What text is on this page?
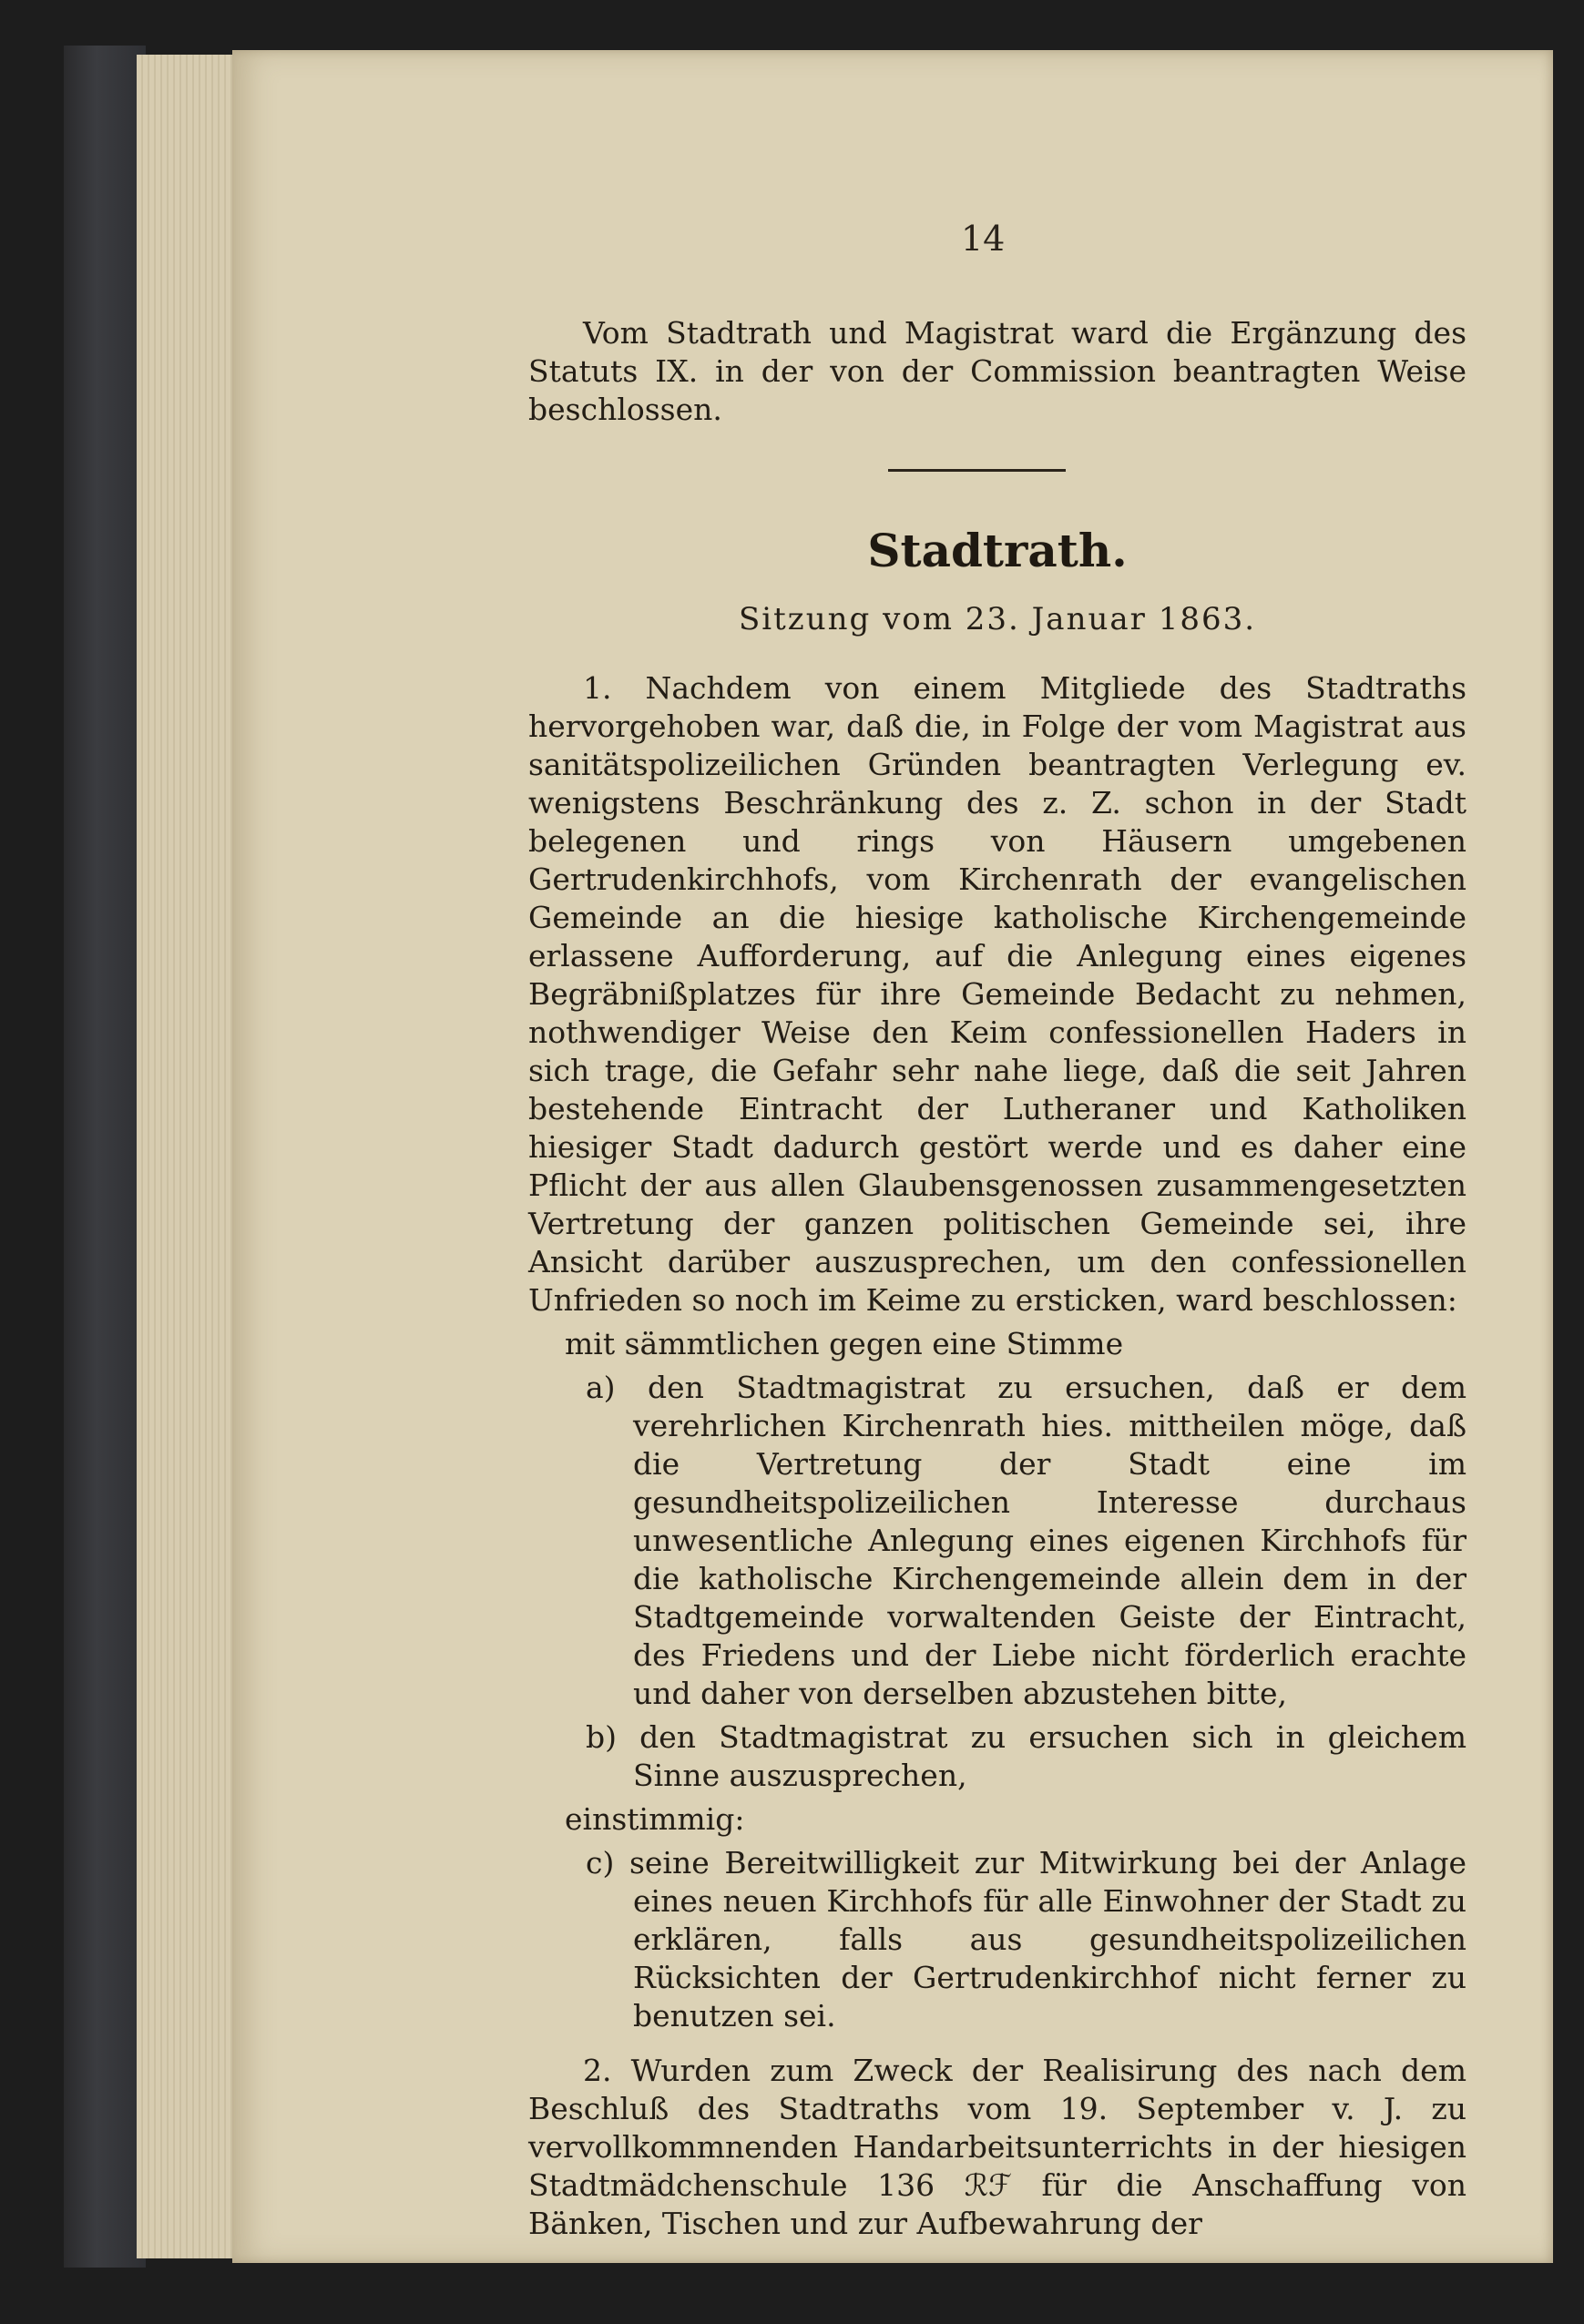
14
Vom Stadtrath und Magistrat ward die Ergänzung des Statuts IX. in der von der Commission beantragten Weise beschlossen.
Stadtrath.
Sitzung vom 23. Januar 1863.

1. Nachdem von einem Mitgliede des Stadtraths hervorgehoben war, daß die, in Folge der vom Magistrat aus sanitätspolizeilichen Gründen beantragten Verlegung ev. wenigstens Beschränkung des z. Z. schon in der Stadt belegenen und rings von Häusern umgebenen Gertrudenkirchhofs, vom Kirchenrath der evangelischen Gemeinde an die hiesige katholische Kirchengemeinde erlassene Aufforderung, auf die Anlegung eines eigenes Begräbnißplatzes für ihre Gemeinde Bedacht zu nehmen, nothwendiger Weise den Keim confessionellen Haders in sich trage, die Gefahr sehr nahe liege, daß die seit Jahren bestehende Eintracht der Lutheraner und Katholiken hiesiger Stadt dadurch gestört werde und es daher eine Pflicht der aus allen Glaubensgenossen zusammengesetzten Vertretung der ganzen politischen Gemeinde sei, ihre Ansicht darüber auszusprechen, um den confessionellen Unfrieden so noch im Keime zu ersticken, ward beschlossen:

mit sämmtlichen gegen eine Stimme

a) den Stadtmagistrat zu ersuchen, daß er dem verehrlichen Kirchenrath hies. mittheilen möge, daß die Vertretung der Stadt eine im gesundheitspolizeilichen Interesse durchaus unwesentliche Anlegung eines eigenen Kirchhofs für die katholische Kirchengemeinde allein dem in der Stadtgemeinde vorwaltenden Geiste der Eintracht, des Friedens und der Liebe nicht förderlich erachte und daher von derselben abzustehen bitte,

b) den Stadtmagistrat zu ersuchen sich in gleichem Sinne auszusprechen,

einstimmig:

c) seine Bereitwilligkeit zur Mitwirkung bei der Anlage eines neuen Kirchhofs für alle Einwohner der Stadt zu erklären, falls aus gesundheitspolizeilichen Rücksichten der Gertrudenkirchhof nicht ferner zu benutzen sei.

2. Wurden zum Zweck der Realisirung des nach dem Beschluß des Stadtraths vom 19. September v. J. zu vervollkommnenden Handarbeitsunterrichts in der hiesigen Stadtmädchenschule 136 ℛℱ für die Anschaffung von Bänken, Tischen und zur Aufbewahrung der
